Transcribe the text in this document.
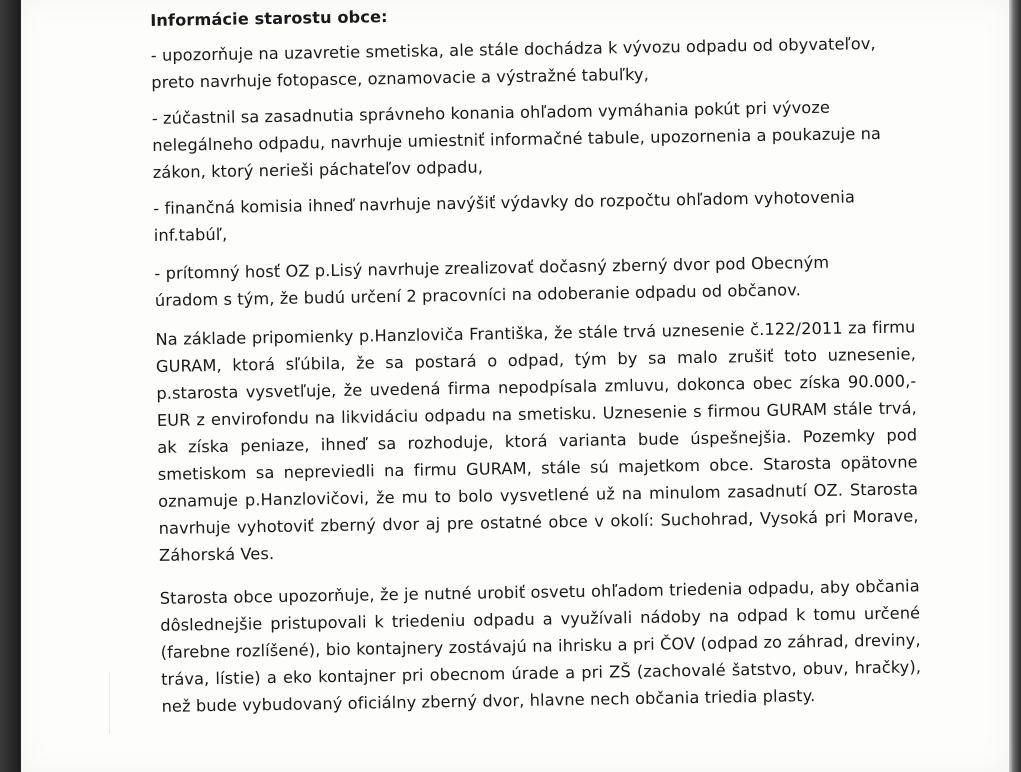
Informácie starostu obce:
- upozorňuje na uzavretie smetiska, ale stále dochádza k vývozu odpadu od obyvateľov, preto navrhuje fotopasce, oznamovacie a výstražné tabuľky,
- zúčastnil sa zasadnutia správneho konania ohľadom vymáhania pokút pri vývoze nelegálneho odpadu, navrhuje umiestniť informačné tabule, upozornenia a poukazuje na zákon, ktorý nerieši páchateľov odpadu,
- finančná komisia ihneď navrhuje navýšiť výdavky do rozpočtu ohľadom vyhotovenia inf.tabúľ,
- prítomný hosť OZ p.Lisý navrhuje zrealizovať dočasný zberný dvor pod Obecným úradom s tým, že budú určení 2 pracovníci na odoberanie odpadu od občanov.
Na základe pripomienky p.Hanzloviča Františka, že stále trvá uznesenie č.122/2011 za firmu GURAM, ktorá sľúbila, že sa postará o odpad, tým by sa malo zrušiť toto uznesenie, p.starosta vysvetľuje, že uvedená firma nepodpísala zmluvu, dokonca obec získa 90.000,-EUR z envirofondu na likvidáciu odpadu na smetisku. Uznesenie s firmou GURAM stále trvá, ak získa peniaze, ihneď sa rozhoduje, ktorá varianta bude úspešnejšia. Pozemky pod smetiskom sa nepreviedli na firmu GURAM, stále sú majetkom obce. Starosta opätovne oznamuje p.Hanzlovičovi, že mu to bolo vysvetlené už na minulom zasadnutí OZ. Starosta navrhuje vyhotoviť zberný dvor aj pre ostatné obce v okolí: Suchohrad, Vysoká pri Morave, Záhorská Ves.
Starosta obce upozorňuje, že je nutné urobiť osvetu ohľadom triedenia odpadu, aby občania dôslednejšie pristupovali k triedeniu odpadu a využívali nádoby na odpad k tomu určené (farebne rozlíšené), bio kontajnery zostávajú na ihrisku a pri ČOV (odpad zo záhrad, dreviny, tráva, lístie) a eko kontajner pri obecnom úrade a pri ZŠ (zachovalé šatstvo, obuv, hračky), než bude vybudovaný oficiálny zberný dvor, hlavne nech občania triedia plasty.
